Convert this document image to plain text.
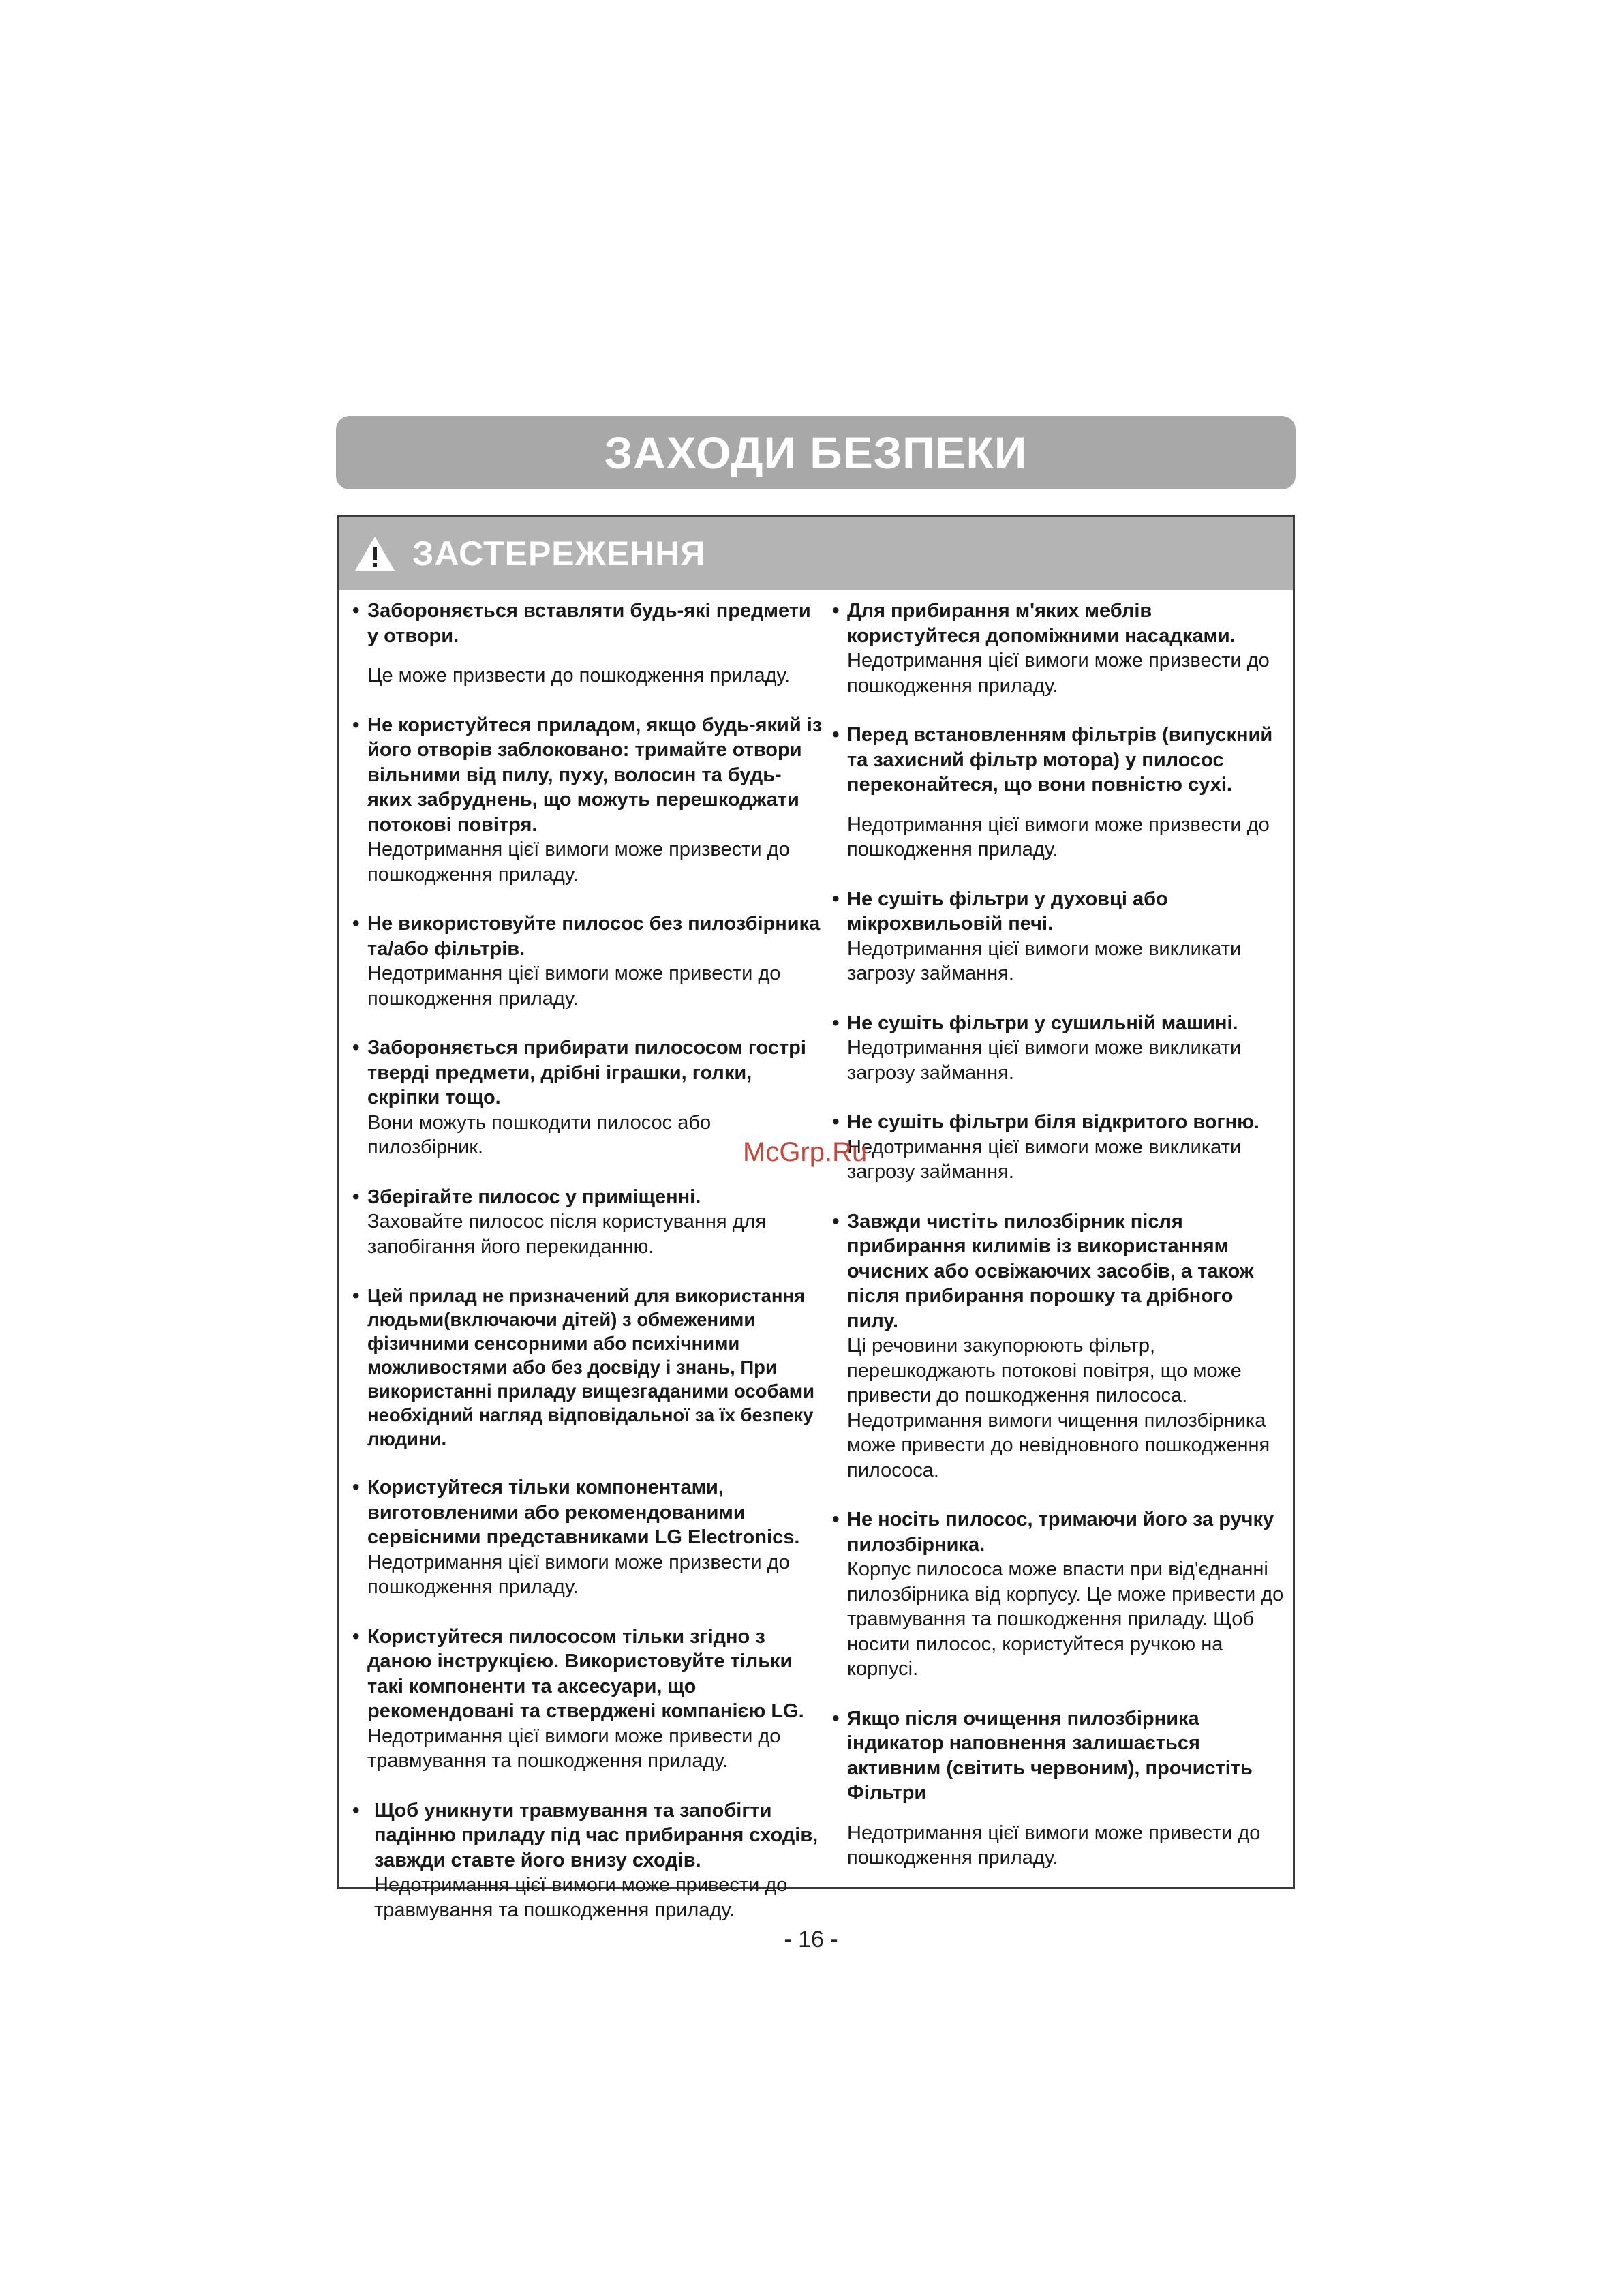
ЗАХОДИ БЕЗПЕКИ
ЗАСТЕРЕЖЕННЯ

• Забороняється вставляти будь-які предмети у отвори.

Це може призвести до пошкодження приладу.

• Не користуйтеся приладом, якщо будь-який із його отворів заблоковано: тримайте отвори вільними від пилу, пуху, волосин та будь-яких забруднень, що можуть перешкоджати потокові повітря.

Недотримання цієї вимоги може призвести до пошкодження приладу.

• Не використовуйте пилосос без пилозбірника та/або фільтрів.

Недотримання цієї вимоги може привести до пошкодження приладу.

• Забороняється прибирати пилососом гострі тверді предмети, дрібні іграшки, голки, скріпки тощо.

Вони можуть пошкодити пилосос або пилозбірник.

• Зберігайте пилосос у приміщенні.

Заховайте пилосос після користування для запобігання його перекиданню.

• Цей прилад не призначений для використання людьми(включаючи дітей) з обмеженими фізичними сенсорними або психічними можливостями або без досвіду і знань, При використанні приладу вищезгаданими особами необхідний нагляд відповідальної за їх безпеку людини.

• Користуйтеся тільки компонентами, виготовленими або рекомендованими сервісними представниками LG Electronics.

Недотримання цієї вимоги може призвести до пошкодження приладу.

• Користуйтеся пилососом тільки згідно з даною інструкцією. Використовуйте тільки такі компоненти та аксесуари, що рекомендовані та стверджені компанією LG.

Недотримання цієї вимоги може привести до травмування та пошкодження приладу.

• Щоб уникнути травмування та запобігти падінню приладу під час прибирання сходів, завжди ставте його внизу сходів.

Недотримання цієї вимоги може привести до травмування та пошкодження приладу.

• Для прибирання м'яких меблів користуйтеся допоміжними насадками.

Недотримання цієї вимоги може призвести до пошкодження приладу.

• Перед встановленням фільтрів (випускний та захисний фільтр мотора) у пилосос переконайтеся, що вони повністю сухі.

Недотримання цієї вимоги може призвести до пошкодження приладу.

• Не сушіть фільтри у духовці або мікрохвильовій печі.

Недотримання цієї вимоги може викликати загрозу займання.

• Не сушіть фільтри у сушильній машині.

Недотримання цієї вимоги може викликати загрозу займання.

• Не сушіть фільтри біля відкритого вогню.

Недотримання цієї вимоги може викликати загрозу займання.

• Завжди чистіть пилозбірник після прибирання килимів із використанням очисних або освіжаючих засобів, а також після прибирання порошку та дрібного пилу.

Ці речовини закупорюють фільтр, перешкоджають потокові повітря, що може привести до пошкодження пилососа. Недотримання вимоги чищення пилозбірника може привести до невідновного пошкодження пилососа.

• Не носіть пилосос, тримаючи його за ручку пилозбірника.

Корпус пилососа може впасти при від'єднанні пилозбірника від корпусу. Це може привести до травмування та пошкодження приладу. Щоб носити пилосос, користуйтеся ручкою на корпусі.

• Якщо після очищення пилозбірника індикатор наповнення залишається активним (світить червоним), прочистіть Фільтри

Недотримання цієї вимоги може привести до пошкодження приладу.

McGrp.Ru
- 16 -
